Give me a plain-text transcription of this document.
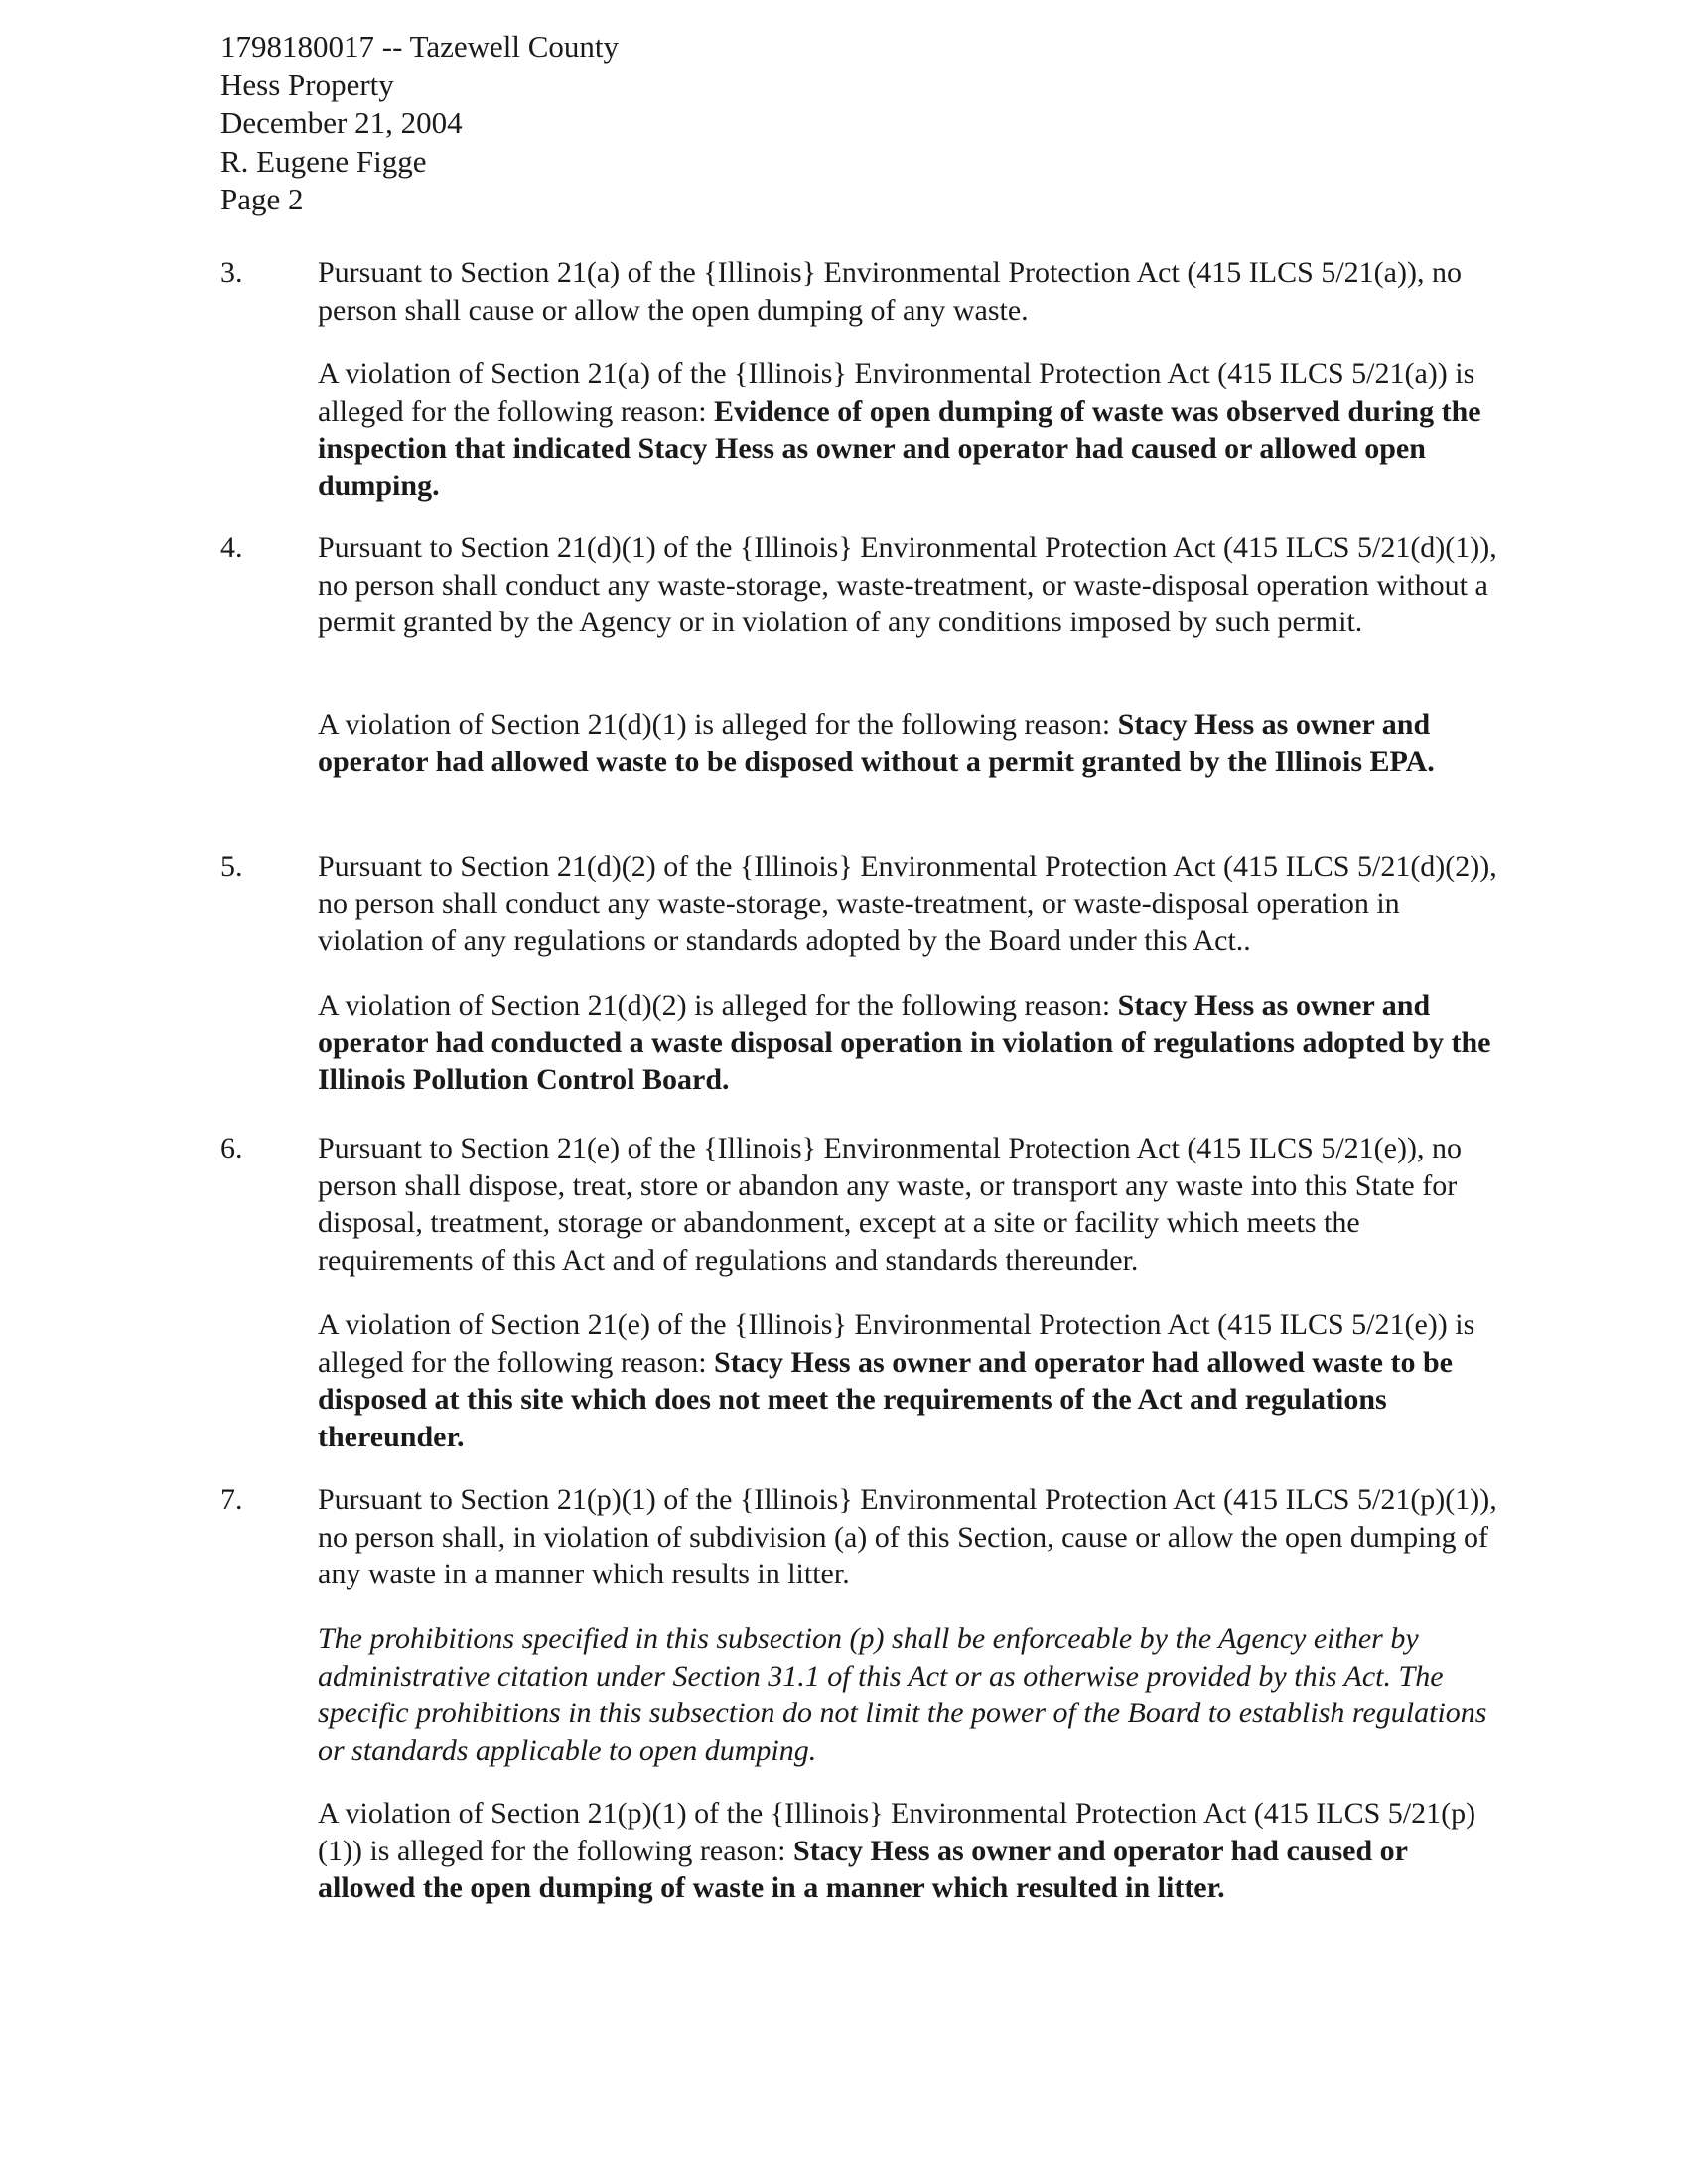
1798180017 -- Tazewell County
Hess Property
December 21, 2004
R. Eugene Figge
Page 2
3.	Pursuant to Section 21(a) of the {Illinois} Environmental Protection Act (415 ILCS 5/21(a)), no person shall cause or allow the open dumping of any waste.

A violation of Section 21(a) of the {Illinois} Environmental Protection Act (415 ILCS 5/21(a)) is alleged for the following reason: Evidence of open dumping of waste was observed during the inspection that indicated Stacy Hess as owner and operator had caused or allowed open dumping.

4.	Pursuant to Section 21(d)(1) of the {Illinois} Environmental Protection Act (415 ILCS 5/21(d)(1)), no person shall conduct any waste-storage, waste-treatment, or waste-disposal operation without a permit granted by the Agency or in violation of any conditions imposed by such permit.

A violation of Section 21(d)(1) is alleged for the following reason: Stacy Hess as owner and operator had allowed waste to be disposed without a permit granted by the Illinois EPA.

5.	Pursuant to Section 21(d)(2) of the {Illinois} Environmental Protection Act (415 ILCS 5/21(d)(2)), no person shall conduct any waste-storage, waste-treatment, or waste-disposal operation in violation of any regulations or standards adopted by the Board under this Act..

A violation of Section 21(d)(2) is alleged for the following reason: Stacy Hess as owner and operator had conducted a waste disposal operation in violation of regulations adopted by the Illinois Pollution Control Board.

6.	Pursuant to Section 21(e) of the {Illinois} Environmental Protection Act (415 ILCS 5/21(e)), no person shall dispose, treat, store or abandon any waste, or transport any waste into this State for disposal, treatment, storage or abandonment, except at a site or facility which meets the requirements of this Act and of regulations and standards thereunder.

A violation of Section 21(e) of the {Illinois} Environmental Protection Act (415 ILCS 5/21(e)) is alleged for the following reason: Stacy Hess as owner and operator had allowed waste to be disposed at this site which does not meet the requirements of the Act and regulations thereunder.

7.	Pursuant to Section 21(p)(1) of the {Illinois} Environmental Protection Act (415 ILCS 5/21(p)(1)), no person shall, in violation of subdivision (a) of this Section, cause or allow the open dumping of any waste in a manner which results in litter.

The prohibitions specified in this subsection (p) shall be enforceable by the Agency either by administrative citation under Section 31.1 of this Act or as otherwise provided by this Act. The specific prohibitions in this subsection do not limit the power of the Board to establish regulations or standards applicable to open dumping.

A violation of Section 21(p)(1) of the {Illinois} Environmental Protection Act (415 ILCS 5/21(p)(1)) is alleged for the following reason: Stacy Hess as owner and operator had caused or allowed the open dumping of waste in a manner which resulted in litter.
